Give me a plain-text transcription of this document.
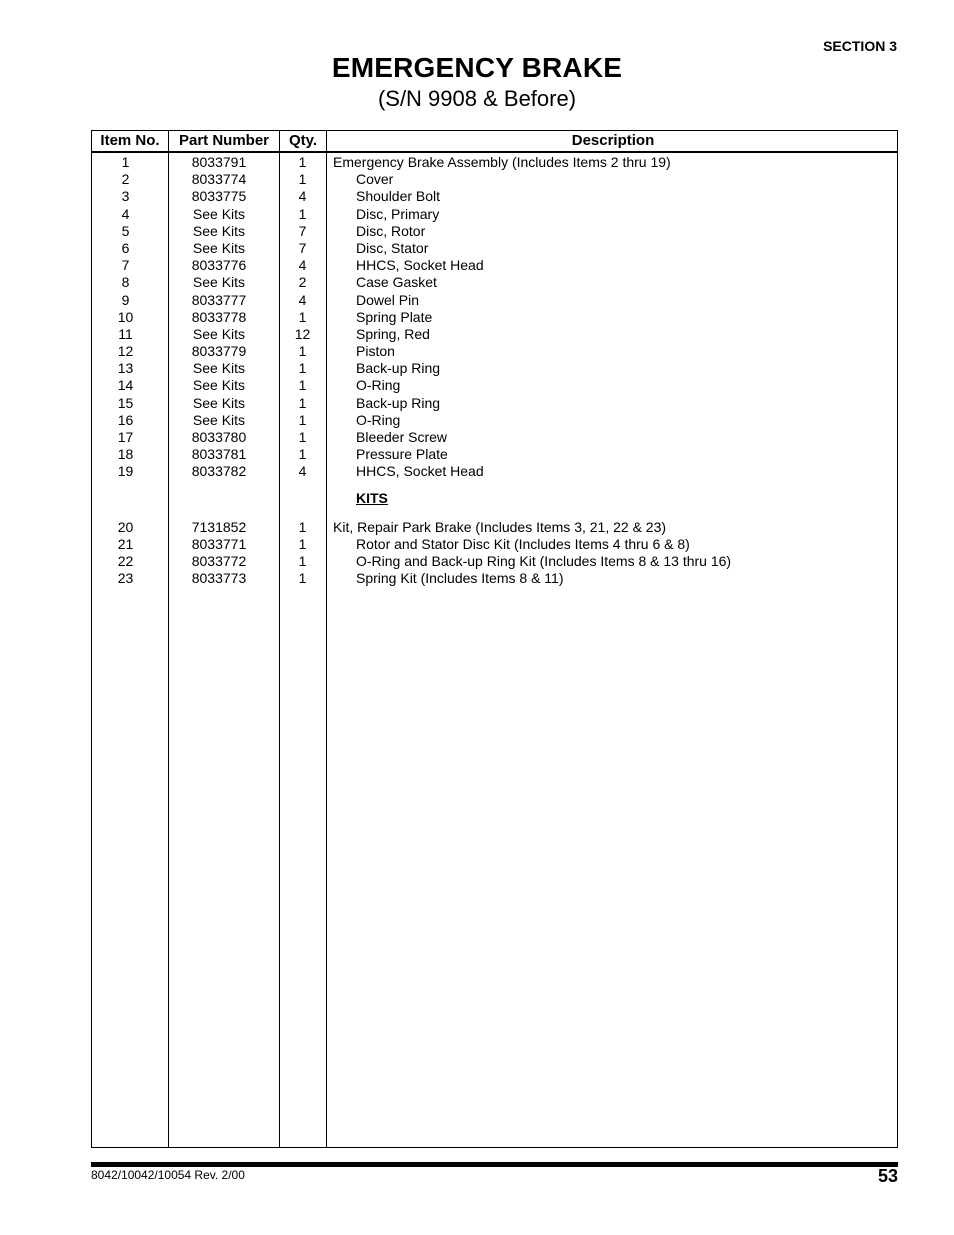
SECTION 3
EMERGENCY BRAKE
(S/N 9908 & Before)
Item No.	Part Number	Qty.	Description
1	8033791	1	Emergency Brake Assembly (Includes Items 2 thru 19)
2	8033774	1	Cover
3	8033775	4	Shoulder Bolt
4	See Kits	1	Disc, Primary
5	See Kits	7	Disc, Rotor
6	See Kits	7	Disc, Stator
7	8033776	4	HHCS, Socket Head
8	See Kits	2	Case Gasket
9	8033777	4	Dowel Pin
10	8033778	1	Spring Plate
11	See Kits	12	Spring, Red
12	8033779	1	Piston
13	See Kits	1	Back-up Ring
14	See Kits	1	O-Ring
15	See Kits	1	Back-up Ring
16	See Kits	1	O-Ring
17	8033780	1	Bleeder Screw
18	8033781	1	Pressure Plate
19	8033782	4	HHCS, Socket Head
KITS
20	7131852	1	Kit, Repair Park Brake (Includes Items 3, 21, 22 & 23)
21	8033771	1	Rotor and Stator Disc Kit (Includes Items 4 thru 6 & 8)
22	8033772	1	O-Ring and Back-up Ring Kit (Includes Items 8 & 13 thru 16)
23	8033773	1	Spring Kit (Includes Items 8 & 11)
8042/10042/10054 Rev. 2/00	53
